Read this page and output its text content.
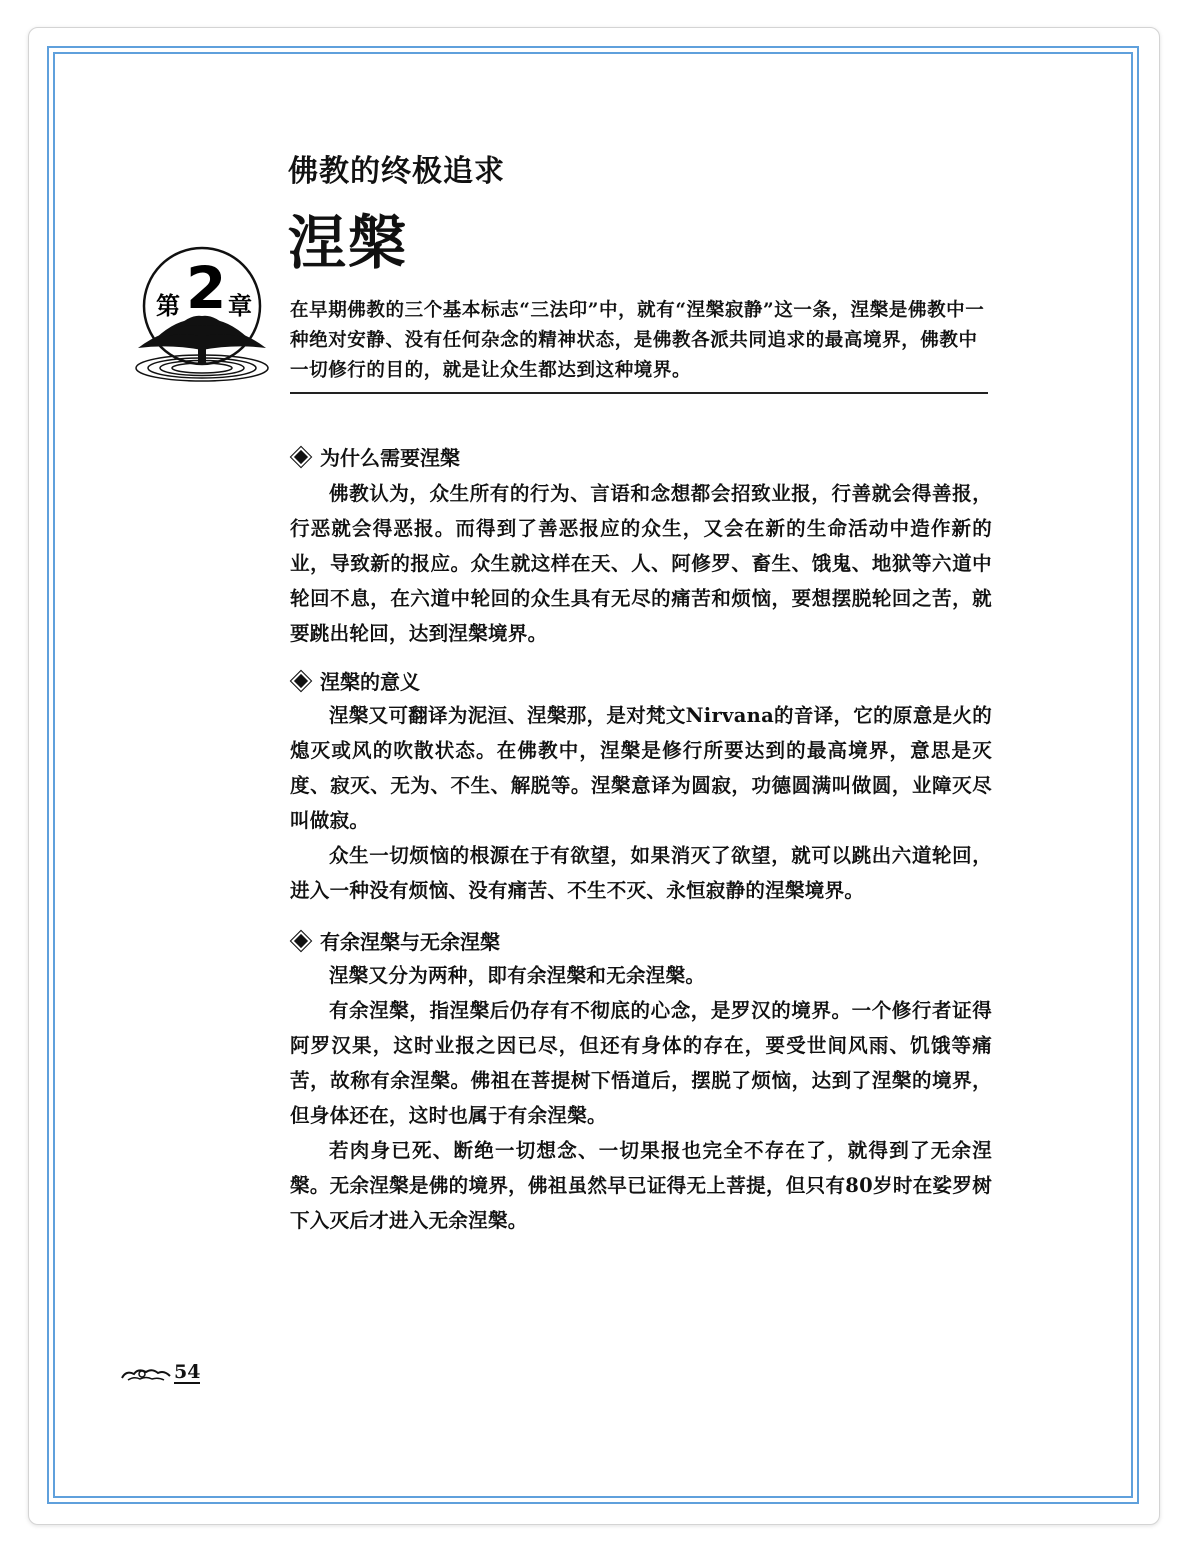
佛教的终极追求
涅槃
第 2 章 在早期佛教的三个基本标志“三法印”中，就有“涅槃寂静”这一条，涅槃是佛教中一种绝对安静、没有任何杂念的精神状态，是佛教各派共同追求的最高境界，佛教中一切修行的目的，就是让众生都达到这种境界。
为什么需要涅槃
佛教认为，众生所有的行为、言语和念想都会招致业报，行善就会得善报，行恶就会得恶报。而得到了善恶报应的众生，又会在新的生命活动中造作新的业，导致新的报应。众生就这样在天、人、阿修罗、畜生、饿鬼、地狱等六道中轮回不息，在六道中轮回的众生具有无尽的痛苦和烦恼，要想摆脱轮回之苦，就要跳出轮回，达到涅槃境界。
涅槃的意义
涅槃又可翻译为泥洹、涅槃那，是对梵文Nirvana的音译，它的原意是火的熄灭或风的吹散状态。在佛教中，涅槃是修行所要达到的最高境界，意思是灭度、寂灭、无为、不生、解脱等。涅槃意译为圆寂，功德圆满叫做圆，业障灭尽叫做寂。
众生一切烦恼的根源在于有欲望，如果消灭了欲望，就可以跳出六道轮回，进入一种没有烦恼、没有痛苦、不生不灭、永恒寂静的涅槃境界。
有余涅槃与无余涅槃
涅槃又分为两种，即有余涅槃和无余涅槃。
有余涅槃，指涅槃后仍存有不彻底的心念，是罗汉的境界。一个修行者证得阿罗汉果，这时业报之因已尽，但还有身体的存在，要受世间风雨、饥饿等痛苦，故称有余涅槃。佛祖在菩提树下悟道后，摆脱了烦恼，达到了涅槃的境界，但身体还在，这时也属于有余涅槃。
若肉身已死、断绝一切想念、一切果报也完全不存在了，就得到了无余涅槃。无余涅槃是佛的境界，佛祖虽然早已证得无上菩提，但只有80岁时在娑罗树下入灭后才进入无余涅槃。
54
